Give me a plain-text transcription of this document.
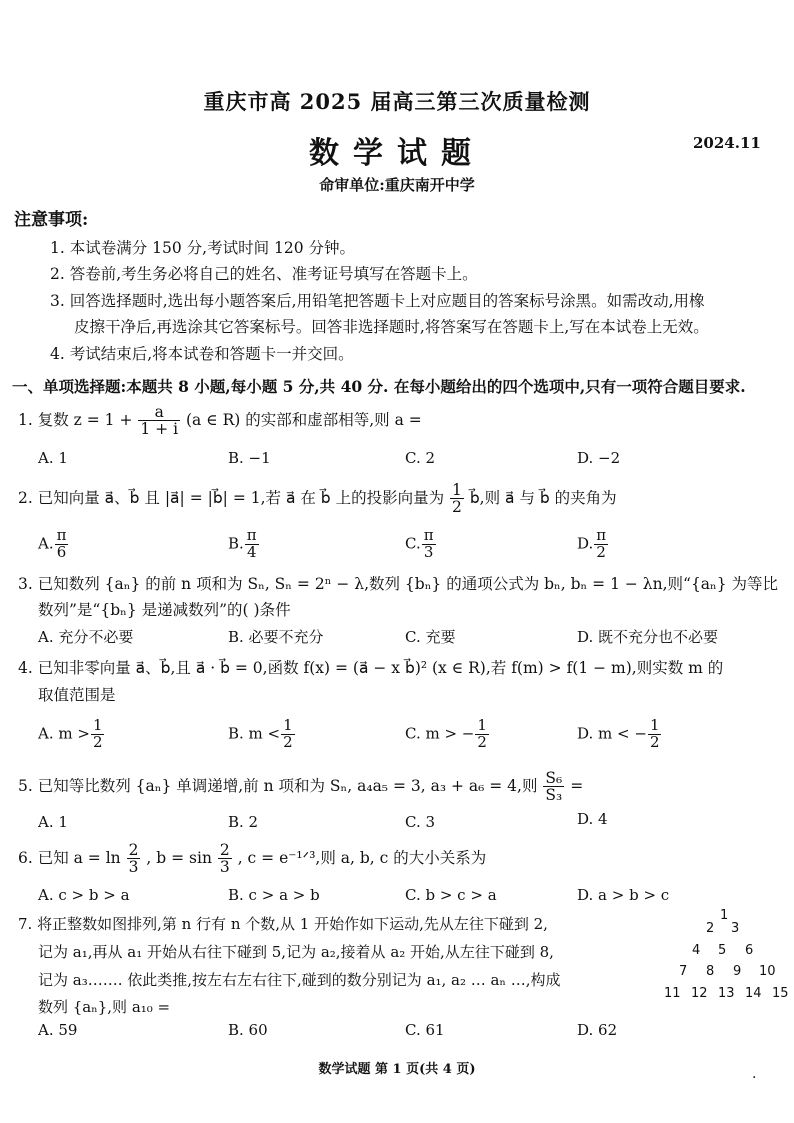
重庆市高 2025 届高三第三次质量检测
数学试题	2024.11
命审单位:重庆南开中学
注意事项:
1. 本试卷满分 150 分,考试时间 120 分钟。
2. 答卷前,考生务必将自己的姓名、准考证号填写在答题卡上。
3. 回答选择题时,选出每小题答案后,用铅笔把答题卡上对应题目的答案标号涂黑。如需改动,用橡
皮擦干净后,再选涂其它答案标号。回答非选择题时,将答案写在答题卡上,写在本试卷上无效。
4. 考试结束后,将本试卷和答题卡一并交回。
一、单项选择题:本题共 8 小题,每小题 5 分,共 40 分. 在每小题给出的四个选项中,只有一项符合题目要求.
1. 复数 $z = 1 + \frac{a}{1 + i} (a$ ∈ R) 的实部和虚部相等,则 a =
A. 1	B. −1	C. 2	D. −2
2. 已知向量 a⃗、b⃗ 且 |a⃗| = |b⃗| = 1,若 a⃗ 在 b⃗ 上的投影向量为 $\frac{1}{2}$ b⃗,则 a⃗ 与 b⃗ 的夹角为
A. $\frac{\pi}{6}$	B. $\frac{\pi}{4}$	C. $\frac{\pi}{3}$	D. $\frac{\pi}{2}$
3. 已知数列 {aₙ} 的前 n 项和为 Sₙ, Sₙ = 2ⁿ − λ,数列 {bₙ} 的通项公式为 bₙ, bₙ = 1 − λn,则“{aₙ} 为等比
数列”是“{bₙ} 是递减数列”的( )条件
A. 充分不必要	B. 必要不充分	C. 充要	D. 既不充分也不必要
4. 已知非零向量 a⃗、b⃗,且 a⃗ · b⃗ = 0,函数 f(x) = (a⃗ − x b⃗)² (x ∈ R),若 f(m) > f(1 − m),则实数 m 的
取值范围是
A. $m > \frac{1}{2}$	B. $m < \frac{1}{2}$	C. m > − $\frac{1}{2}$	D. m < − $\frac{1}{2}$
5. 已知等比数列 {aₙ} 单调递增,前 n 项和为 Sₙ, a₄a₅ = 3, a₃ + a₆ = 4,则 $\frac{\text{S₆}}{\text{S₃}}$ =
A. 1	B. 2	C. 3	D. 4
6. 已知 $a = \ln \frac{2}{3}$ , $b = \sin \frac{2}{3}$ , c = e⁻¹ᐟ³,则 a, b, c 的大小关系为
A. c > b > a	B. c > a > b	C. b > c > a	D. a > b > c
7. 将正整数如图排列,第 n 行有 n 个数,从 1 开始作如下运动,先从左往下碰到 2,
记为 a₁,再从 a₁ 开始从右往下碰到 5,记为 a₂,接着从 a₂ 开始,从左往下碰到 8,
记为 a₃……. 依此类推,按左右左右往下,碰到的数分别记为 a₁, a₂ … aₙ …,构成
数列 {aₙ},则 a₁₀ =
A. 59	B. 60	C. 61	D. 62
1
2 3
4 5 6
7 8 9 10
11 12 13 14 15
数学试题 第 1 页(共 4 页)	.
